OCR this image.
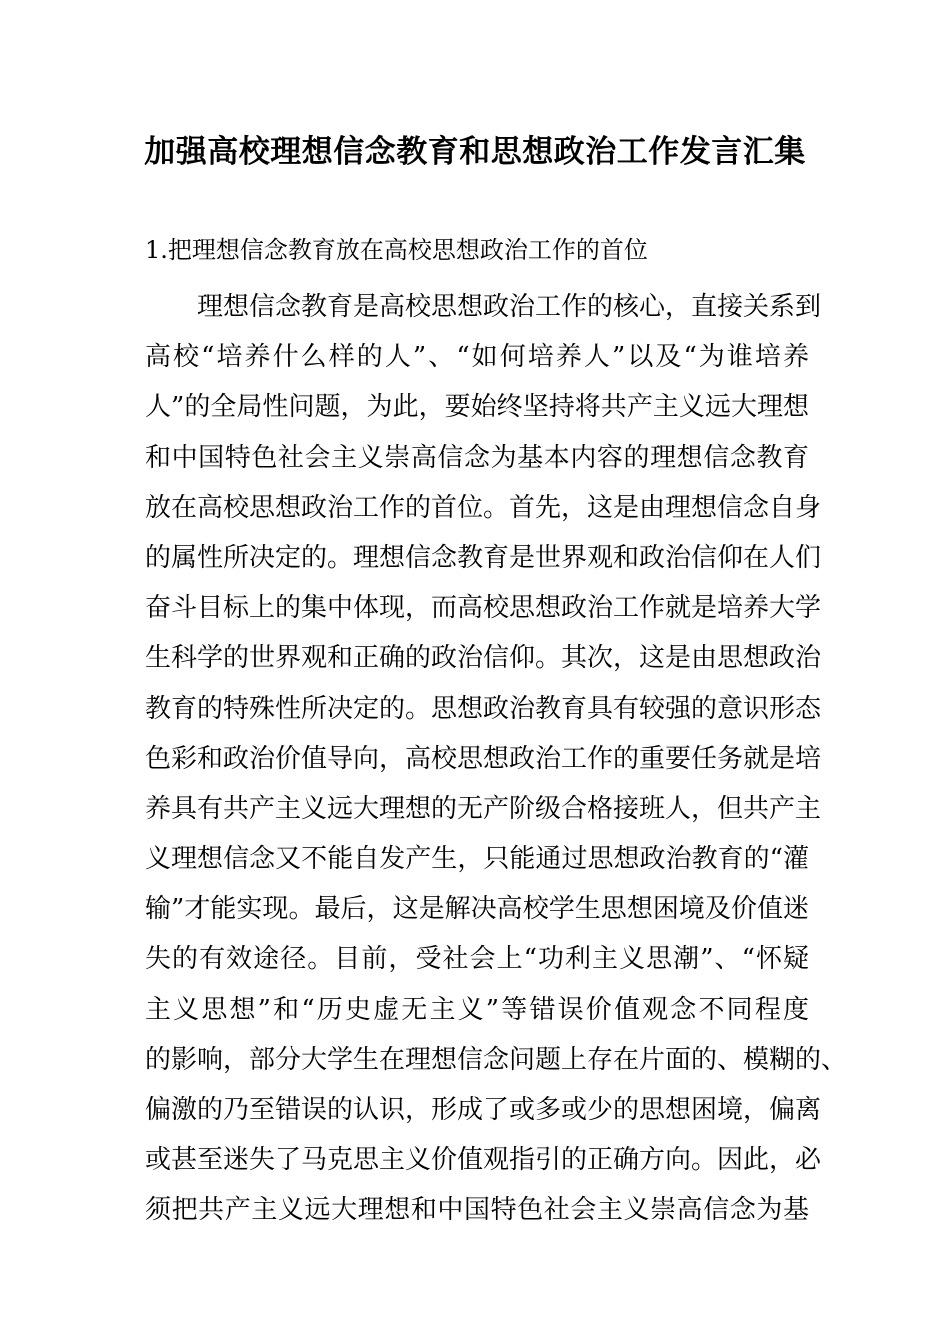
加强高校理想信念教育和思想政治工作发言汇集

1.把理想信念教育放在高校思想政治工作的首位

理想信念教育是高校思想政治工作的核心，直接关系到
高校“培养什么样的人”、“如何培养人”以及“为谁培养
人”的全局性问题，为此，要始终坚持将共产主义远大理想
和中国特色社会主义崇高信念为基本内容的理想信念教育
放在高校思想政治工作的首位。首先，这是由理想信念自身
的属性所决定的。理想信念教育是世界观和政治信仰在人们
奋斗目标上的集中体现，而高校思想政治工作就是培养大学
生科学的世界观和正确的政治信仰。其次，这是由思想政治
教育的特殊性所决定的。思想政治教育具有较强的意识形态
色彩和政治价值导向，高校思想政治工作的重要任务就是培
养具有共产主义远大理想的无产阶级合格接班人，但共产主
义理想信念又不能自发产生，只能通过思想政治教育的“灌
输”才能实现。最后，这是解决高校学生思想困境及价值迷
失的有效途径。目前，受社会上“功利主义思潮”、“怀疑
主义思想”和“历史虚无主义”等错误价值观念不同程度
的影响，部分大学生在理想信念问题上存在片面的、模糊的、
偏激的乃至错误的认识，形成了或多或少的思想困境，偏离
或甚至迷失了马克思主义价值观指引的正确方向。因此，必
须把共产主义远大理想和中国特色社会主义崇高信念为基
